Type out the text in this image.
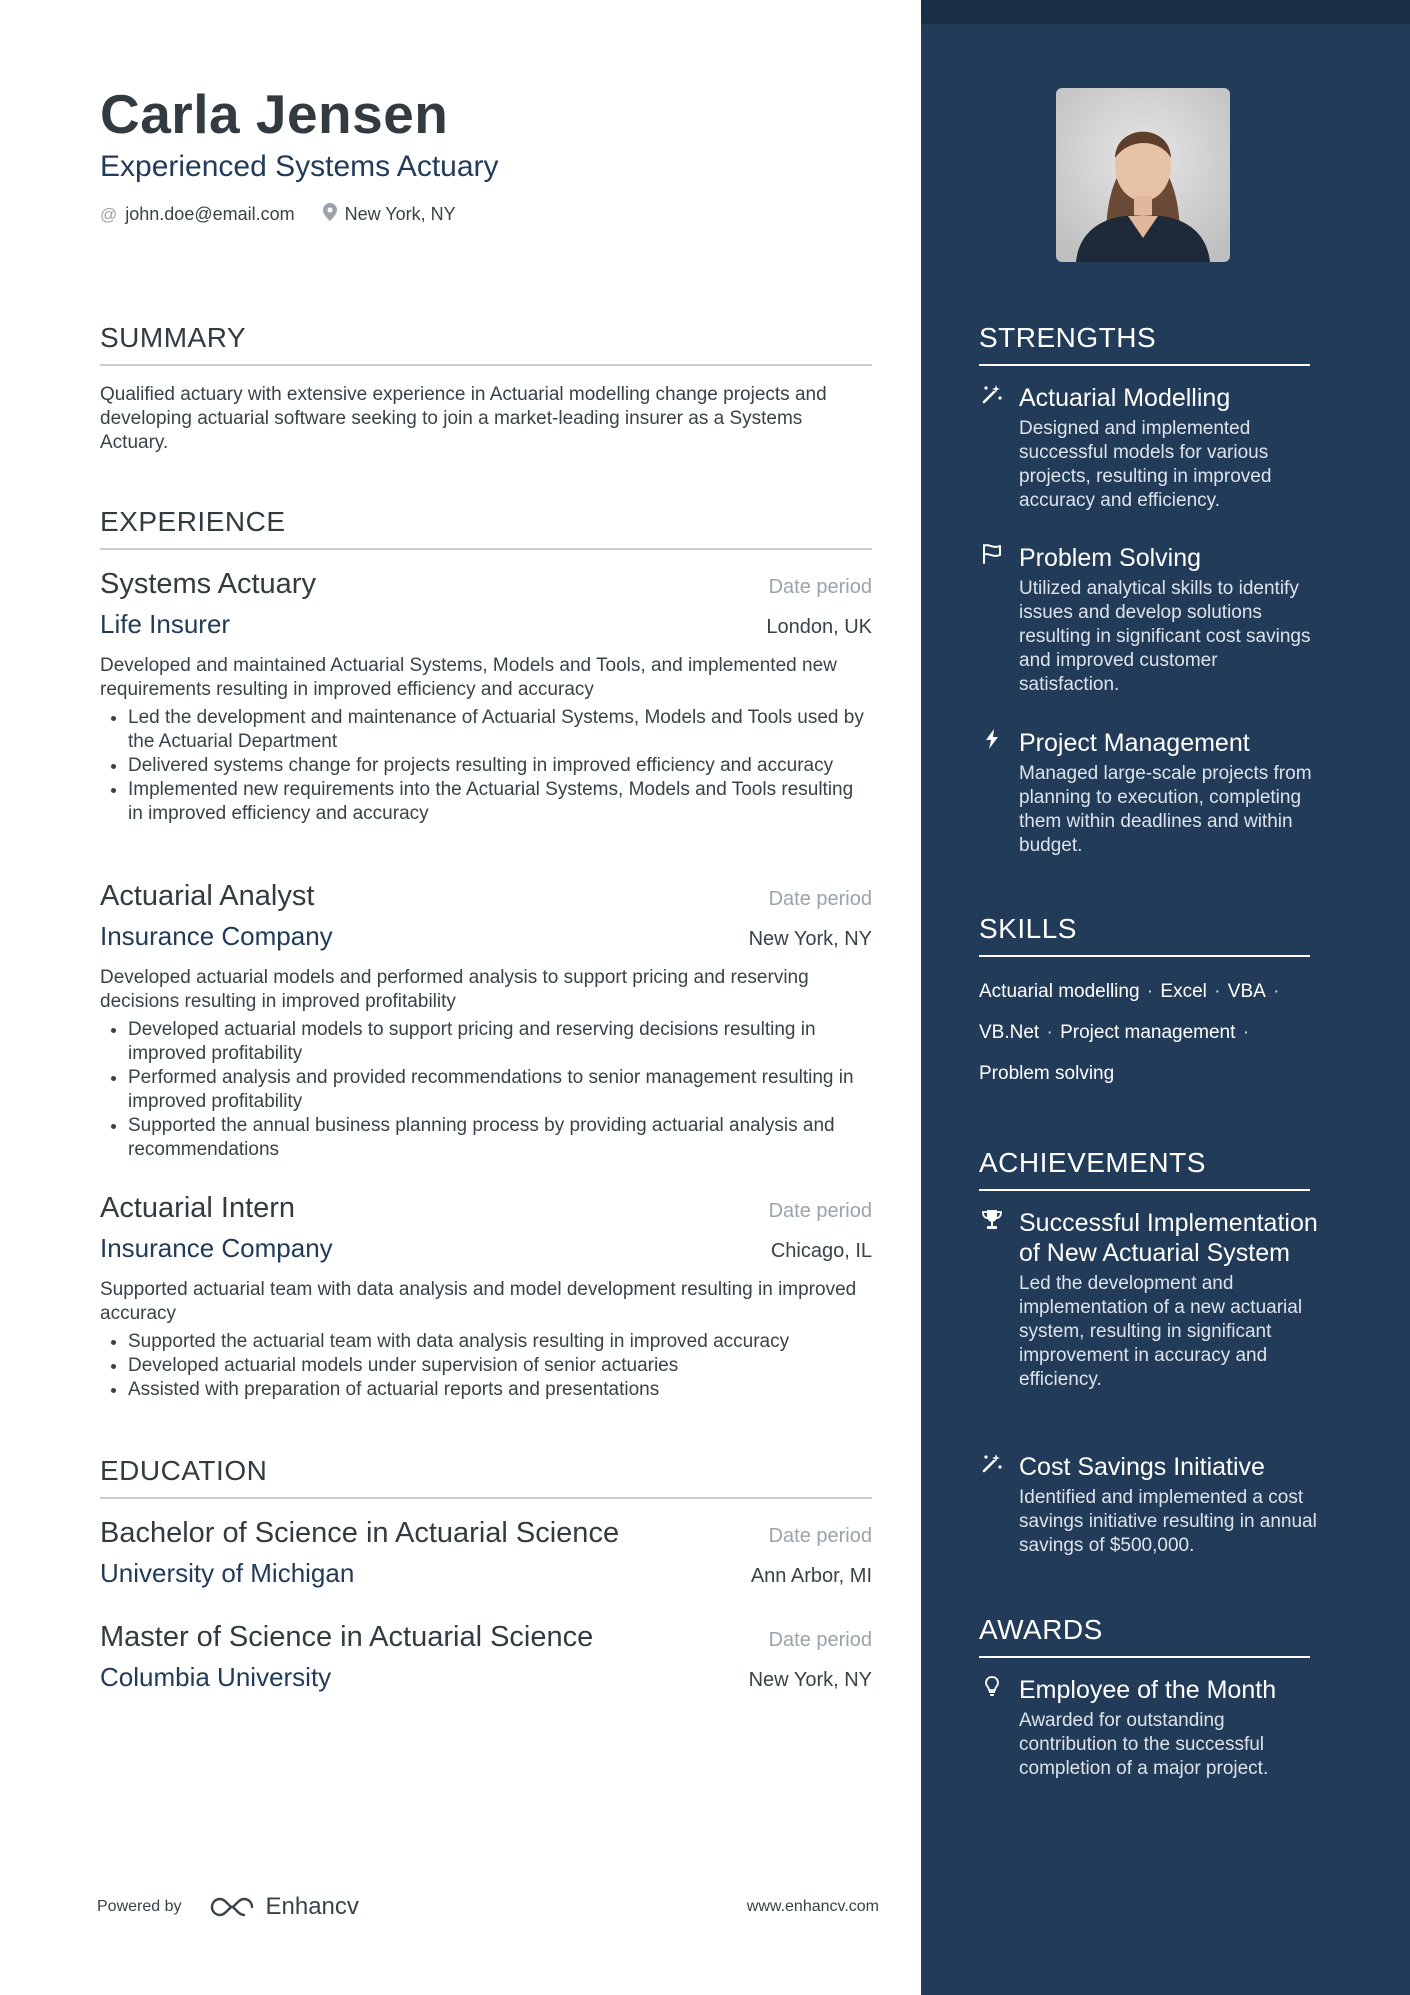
Carla Jensen
Experienced Systems Actuary
@ john.doe@email.com	New York, NY
SUMMARY
Qualified actuary with extensive experience in Actuarial modelling change projects and developing actuarial software seeking to join a market-leading insurer as a Systems Actuary.
EXPERIENCE
Systems Actuary	Date period
Life Insurer	London, UK
Developed and maintained Actuarial Systems, Models and Tools, and implemented new requirements resulting in improved efficiency and accuracy
• Led the development and maintenance of Actuarial Systems, Models and Tools used by the Actuarial Department
• Delivered systems change for projects resulting in improved efficiency and accuracy
• Implemented new requirements into the Actuarial Systems, Models and Tools resulting in improved efficiency and accuracy
Actuarial Analyst	Date period
Insurance Company	New York, NY
Developed actuarial models and performed analysis to support pricing and reserving decisions resulting in improved profitability
• Developed actuarial models to support pricing and reserving decisions resulting in improved profitability
• Performed analysis and provided recommendations to senior management resulting in improved profitability
• Supported the annual business planning process by providing actuarial analysis and recommendations
Actuarial Intern	Date period
Insurance Company	Chicago, IL
Supported actuarial team with data analysis and model development resulting in improved accuracy
• Supported the actuarial team with data analysis resulting in improved accuracy
• Developed actuarial models under supervision of senior actuaries
• Assisted with preparation of actuarial reports and presentations
EDUCATION
Bachelor of Science in Actuarial Science	Date period
University of Michigan	Ann Arbor, MI
Master of Science in Actuarial Science	Date period
Columbia University	New York, NY
Powered by	Enhancv	www.enhancv.com
STRENGTHS
Actuarial Modelling
Designed and implemented successful models for various projects, resulting in improved accuracy and efficiency.
Problem Solving
Utilized analytical skills to identify issues and develop solutions resulting in significant cost savings and improved customer satisfaction.
Project Management
Managed large-scale projects from planning to execution, completing them within deadlines and within budget.
SKILLS
Actuarial modelling · Excel · VBA ·
VB.Net · Project management ·
Problem solving
ACHIEVEMENTS
Successful Implementation of New Actuarial System
Led the development and implementation of a new actuarial system, resulting in significant improvement in accuracy and efficiency.
Cost Savings Initiative
Identified and implemented a cost savings initiative resulting in annual savings of $500,000.
AWARDS
Employee of the Month
Awarded for outstanding contribution to the successful completion of a major project.
